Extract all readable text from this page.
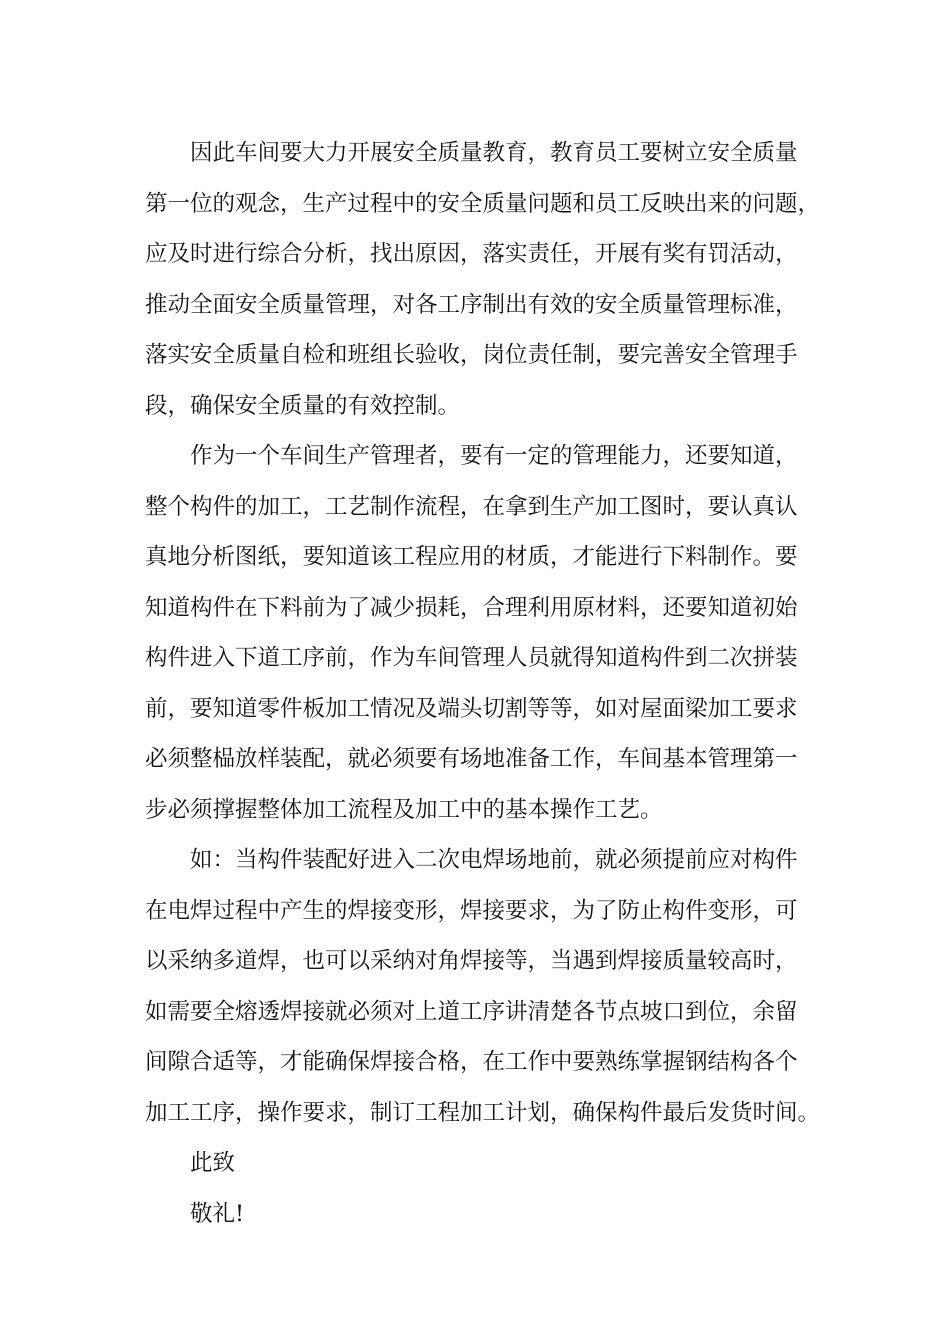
因此车间要大力开展安全质量教育，教育员工要树立安全质量
第一位的观念，生产过程中的安全质量问题和员工反映出来的问题，
应及时进行综合分析，找出原因，落实责任，开展有奖有罚活动，
推动全面安全质量管理，对各工序制出有效的安全质量管理标准，
落实安全质量自检和班组长验收，岗位责任制，要完善安全管理手
段，确保安全质量的有效控制。
作为一个车间生产管理者，要有一定的管理能力，还要知道，
整个构件的加工，工艺制作流程，在拿到生产加工图时，要认真认
真地分析图纸，要知道该工程应用的材质，才能进行下料制作。要
知道构件在下料前为了减少损耗，合理利用原材料，还要知道初始
构件进入下道工序前，作为车间管理人员就得知道构件到二次拼装
前，要知道零件板加工情况及端头切割等等，如对屋面梁加工要求
必须整榀放样装配，就必须要有场地准备工作，车间基本管理第一
步必须撑握整体加工流程及加工中的基本操作工艺。
如：当构件装配好进入二次电焊场地前，就必须提前应对构件
在电焊过程中产生的焊接变形，焊接要求，为了防止构件变形，可
以采纳多道焊，也可以采纳对角焊接等，当遇到焊接质量较高时，
如需要全熔透焊接就必须对上道工序讲清楚各节点坡口到位，余留
间隙合适等，才能确保焊接合格，在工作中要熟练掌握钢结构各个
加工工序，操作要求，制订工程加工计划，确保构件最后发货时间。
此致
敬礼!
